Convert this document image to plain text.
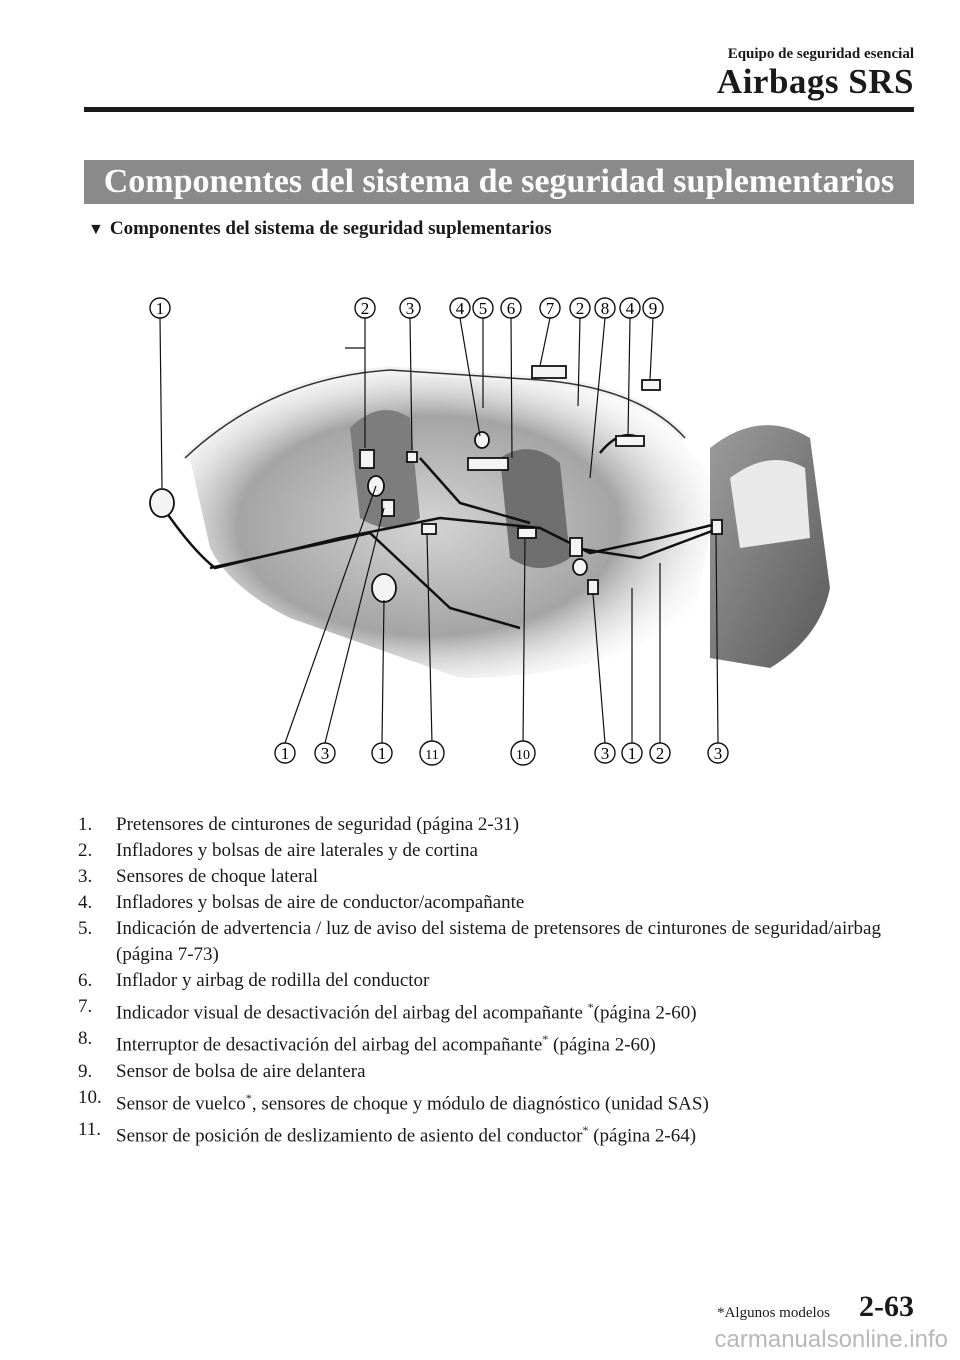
Equipo de seguridad esencial
Airbags SRS
Componentes del sistema de seguridad suplementarios
▼ Componentes del sistema de seguridad suplementarios
1	2 3 4 5 6 7 2 8 4 9
1 3	1	11	10	3 1 2	3
1.	Pretensores de cinturones de seguridad (página 2-31)
2.	Infladores y bolsas de aire laterales y de cortina
3.	Sensores de choque lateral
4.	Infladores y bolsas de aire de conductor/acompañante
5.	Indicación de advertencia / luz de aviso del sistema de pretensores de cinturones de seguridad/airbag (página 7-73)
6.	Inflador y airbag de rodilla del conductor
7.	Indicador visual de desactivación del airbag del acompañante *(página 2-60)
8.	Interruptor de desactivación del airbag del acompañante* (página 2-60)
9.	Sensor de bolsa de aire delantera
10. Sensor de vuelco*, sensores de choque y módulo de diagnóstico (unidad SAS)
11. Sensor de posición de deslizamiento de asiento del conductor* (página 2-64)
*Algunos modelos 2-63
carmanualsonline.info
